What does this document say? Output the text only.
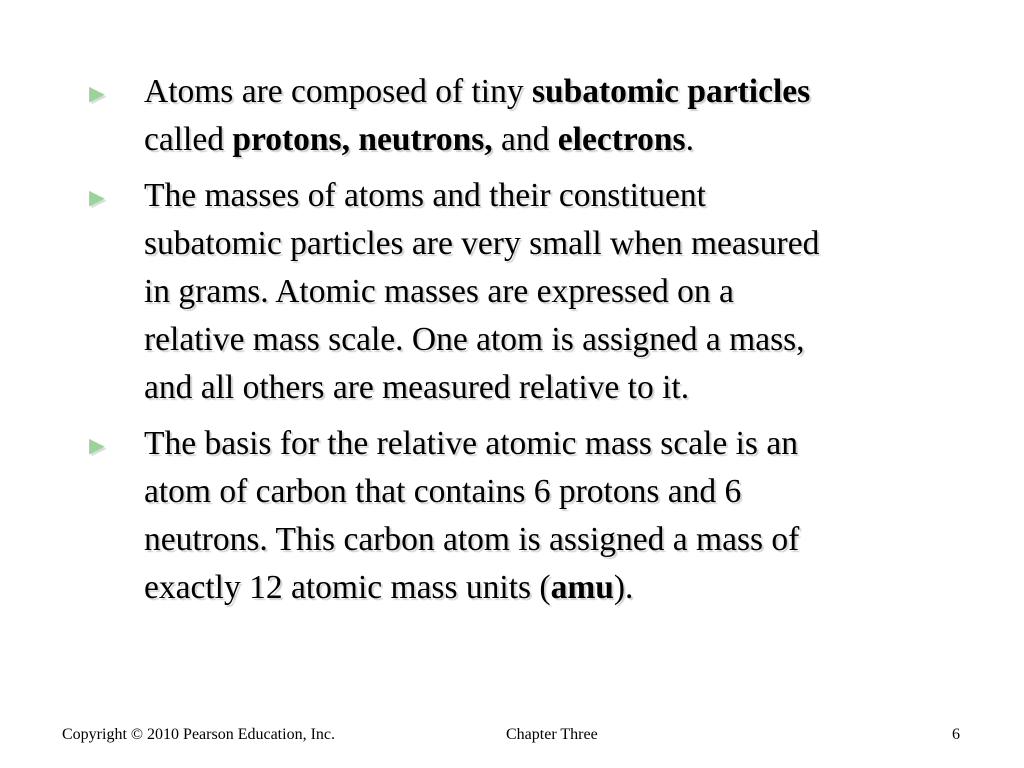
► Atoms are composed of tiny subatomic particles
called protons, neutrons, and electrons.
► The masses of atoms and their constituent
subatomic particles are very small when measured
in grams. Atomic masses are expressed on a
relative mass scale. One atom is assigned a mass,
and all others are measured relative to it.
► The basis for the relative atomic mass scale is an
atom of carbon that contains 6 protons and 6
neutrons. This carbon atom is assigned a mass of
exactly 12 atomic mass units (amu).
Copyright © 2010 Pearson Education, Inc.	Chapter Three	6
